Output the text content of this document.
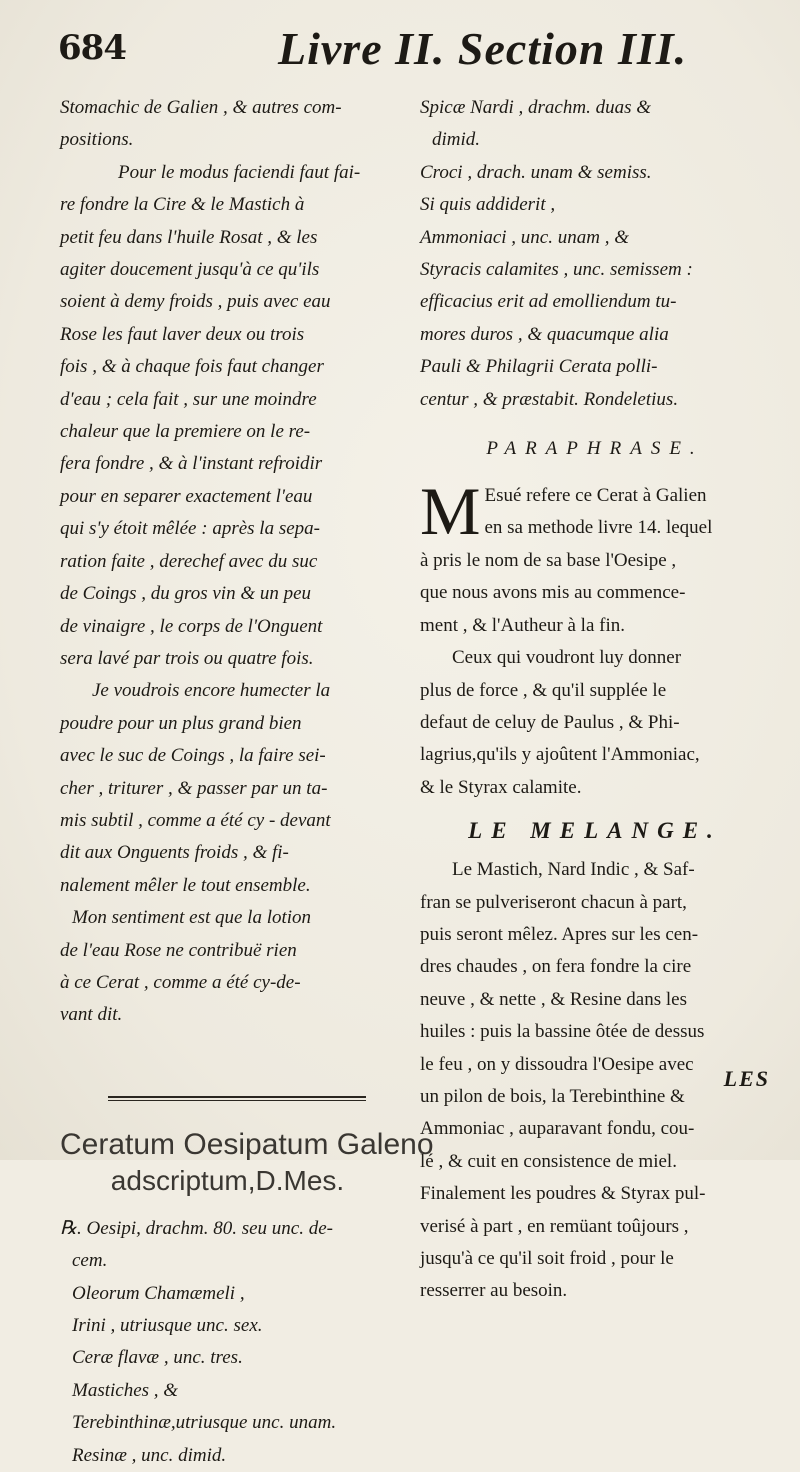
684	Livre II. Section III.

Stomachic de Galien , & autres com-

positions.

Pour le modus faciendi faut fai-

re fondre la Cire & le Mastich à

petit feu dans l'huile Rosat , & les

agiter doucement jusqu'à ce qu'ils

soient à demy froids , puis avec eau

Rose les faut laver deux ou trois

fois , & à chaque fois faut changer

d'eau ; cela fait , sur une moindre

chaleur que la premiere on le re-

fera fondre , & à l'instant refroidir

pour en separer exactement l'eau

qui s'y étoit mêlée : après la sepa-

ration faite , derechef avec du suc

de Coings , du gros vin & un peu

de vinaigre , le corps de l'Onguent

sera lavé par trois ou quatre fois.

Je voudrois encore humecter la

poudre pour un plus grand bien

avec le suc de Coings , la faire sei-

cher , triturer , & passer par un ta-

mis subtil , comme a été cy - devant

dit aux Onguents froids , & fi-

nalement mêler le tout ensemble.

Mon sentiment est que la lotion

de l'eau Rose ne contribuë rien

à ce Cerat , comme a été cy-de-

vant dit.

Ceratum Oesipatum Galeno

adscriptum,D.Mes.

℞. Oesipi, drachm. 80. seu unc. de-

cem.

Oleorum Chamæmeli ,

Irini , utriusque unc. sex.

Ceræ flavæ , unc. tres.

Mastiches , &

Terebinthinæ,utriusque unc. unam.

Resinæ , unc. dimid.

Spicæ Nardi , drachm. duas &

dimid.

Croci , drach. unam & semiss.

Si quis addiderit ,

Ammoniaci , unc. unam , &

Styracis calamites , unc. semissem :

efficacius erit ad emolliendum tu-

mores duros , & quacumque alia

Pauli & Philagrii Cerata polli-

centur , & præstabit. Rondeletius.

PARAPHRASE.

M Esué refere ce Cerat à Galien

en sa methode livre 14. lequel

à pris le nom de sa base l'Oesipe ,

que nous avons mis au commence-

ment , & l'Autheur à la fin.

Ceux qui voudront luy donner

plus de force , & qu'il supplée le

defaut de celuy de Paulus , & Phi-

lagrius,qu'ils y ajoûtent l'Ammoniac,

& le Styrax calamite.

LE MELANGE.

Le Mastich, Nard Indic , & Saf-

fran se pulveriseront chacun à part,

puis seront mêlez. Apres sur les cen-

dres chaudes , on fera fondre la cire

neuve , & nette , & Resine dans les

huiles : puis la bassine ôtée de dessus

le feu , on y dissoudra l'Oesipe avec

un pilon de bois, la Terebinthine &

Ammoniac , auparavant fondu, cou-

lé , & cuit en consistence de miel.

Finalement les poudres & Styrax pul-

verisé à part , en remüant toûjours ,

jusqu'à ce qu'il soit froid , pour le

resserrer au besoin.

LES
